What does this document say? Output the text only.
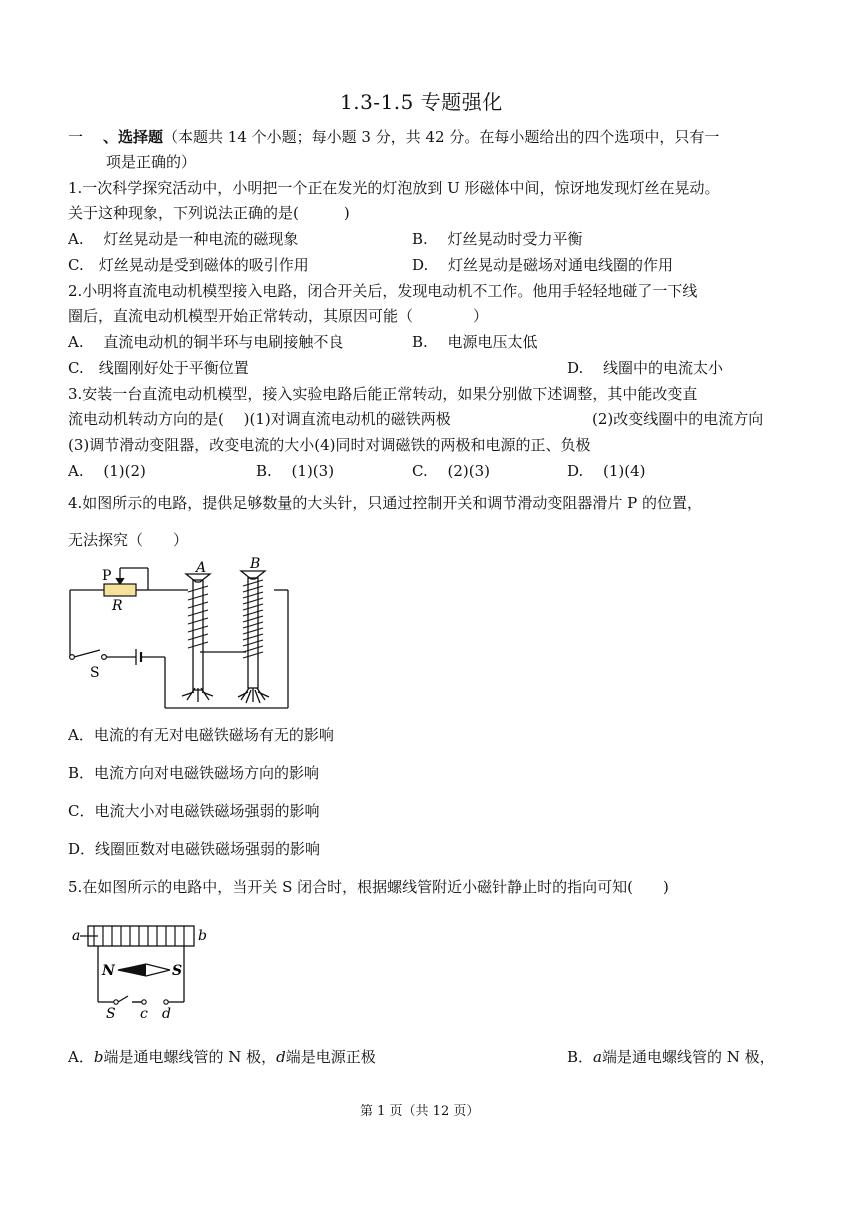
1.3-1.5 专题强化
一 、选择题（本题共 14 个小题；每小题 3 分，共 42 分。在每小题给出的四个选项中，只有一
项是正确的）
1.一次科学探究活动中，小明把一个正在发光的灯泡放到 U 形磁体中间，惊讶地发现灯丝在晃动。
关于这种现象，下列说法正确的是(　　　)
A.　 灯丝晃动是一种电流的磁现象	B.　 灯丝晃动时受力平衡
C.　灯丝晃动是受到磁体的吸引作用	D.　 灯丝晃动是磁场对通电线圈的作用
2.小明将直流电动机模型接入电路，闭合开关后，发现电动机不工作。他用手轻轻地碰了一下线
圈后，直流电动机模型开始正常转动，其原因可能（　　　　）
A.　 直流电动机的铜半环与电刷接触不良	B.　 电源电压太低
C.　线圈刚好处于平衡位置	D.　 线圈中的电流太小
3.安装一台直流电动机模型，接入实验电路后能正常转动，如果分别做下述调整，其中能改变直
流电动机转动方向的是(　 )(1)对调直流电动机的磁铁两极	(2)改变线圈中的电流方向
(3)调节滑动变阻器，改变电流的大小(4)同时对调磁铁的两极和电源的正、负极
A.　 (1)(2)	B.　 (1)(3)	C.　 (2)(3)	D.　 (1)(4)
4.如图所示的电路，提供足够数量的大头针，只通过控制开关和调节滑动变阻器滑片 P 的位置，
无法探究（　　）
P
R
S
A	B
A．电流的有无对电磁铁磁场有无的影响
B．电流方向对电磁铁磁场方向的影响
C．电流大小对电磁铁磁场强弱的影响
D．线圈匝数对电磁铁磁场强弱的影响
5.在如图所示的电路中，当开关 S 闭合时，根据螺线管附近小磁针静止时的指向可知(　　)
a	b
N	S
S c d
A．b端是通电螺线管的 N 极，d端是电源正极	B．a端是通电螺线管的 N 极，
第 1 页（共 12 页）
